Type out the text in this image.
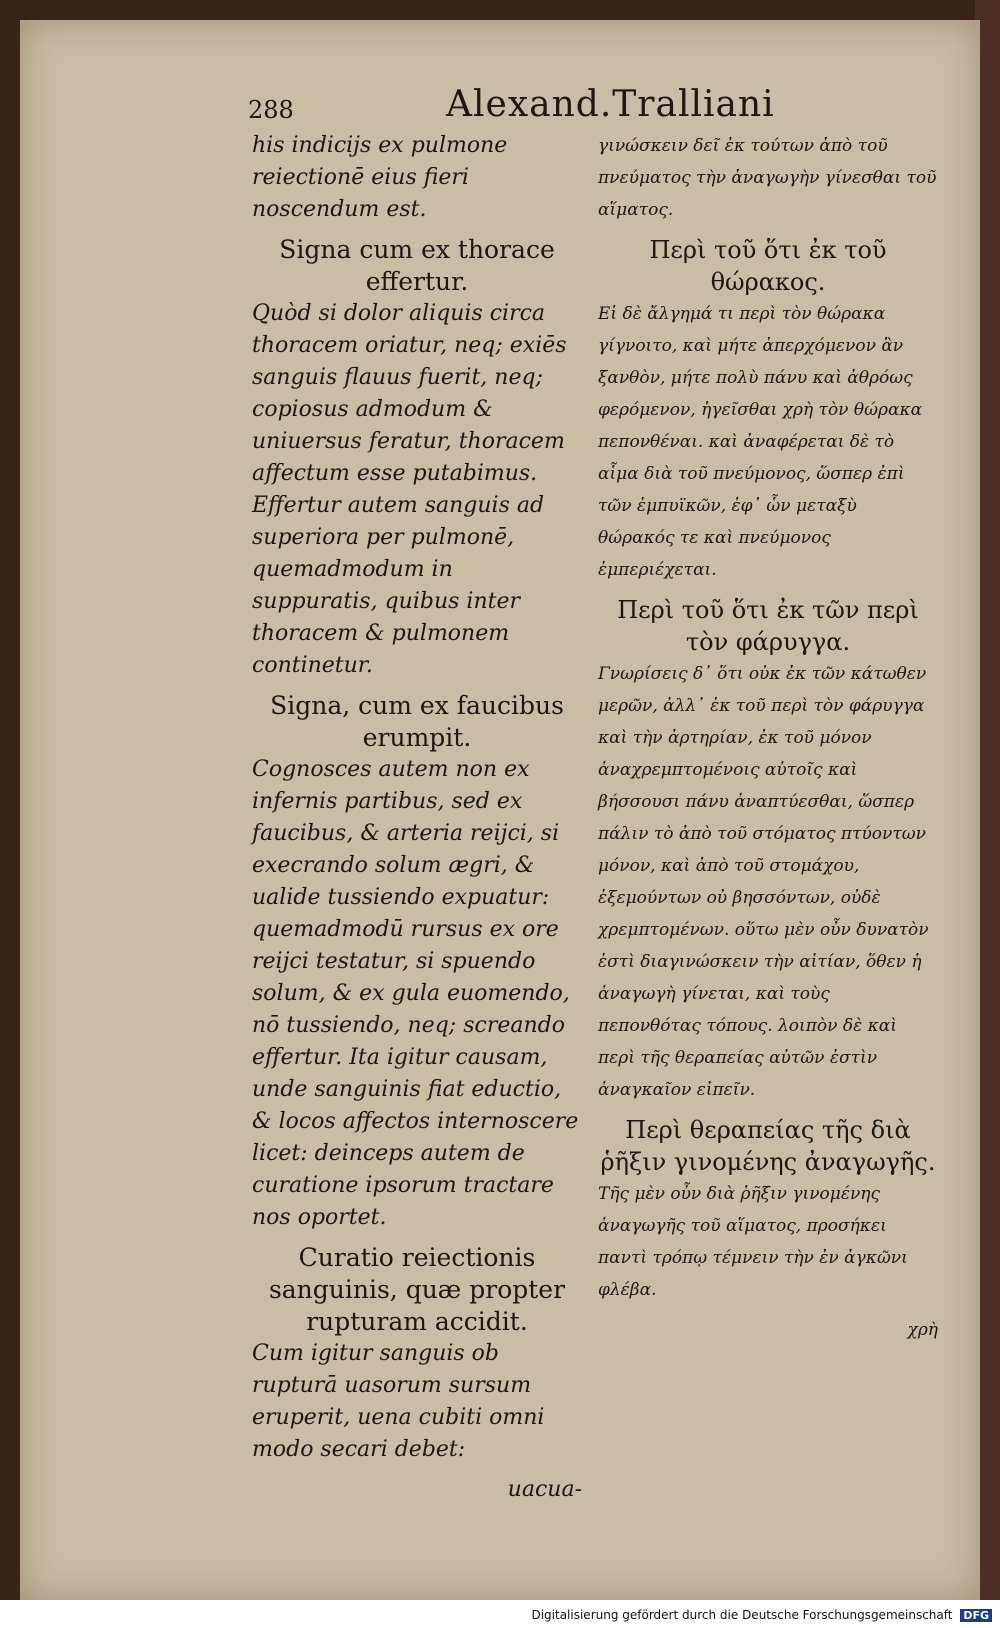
288	Alexand.Tralliani

his indicijs ex pulmone reiectionē eius fieri noscendum est.

Signa cum ex thorace effertur.

Quòd si dolor aliquis circa thoracem oriatur, neq; exiēs sanguis flauus fuerit, neq; copiosus admodum & uniuersus feratur, thoracem affectum esse putabimus. Effertur autem sanguis ad superiora per pulmonē, quemadmodum in suppuratis, quibus inter thoracem & pulmonem continetur.

Signa, cum ex faucibus erumpit.

Cognosces autem non ex infernis partibus, sed ex faucibus, & arteria reijci, si execrando solum ægri, & ualide tussiendo expuatur: quemadmodū rursus ex ore reijci testatur, si spuendo solum, & ex gula euomendo, nō tussiendo, neq; screando effertur. Ita igitur causam, unde sanguinis fiat eductio, & locos affectos internoscere licet: deinceps autem de curatione ipsorum tractare nos oportet.

Curatio reiectionis sanguinis, quæ propter rupturam accidit.

Cum igitur sanguis ob rupturā uasorum sursum eruperit, uena cubiti omni modo secari debet:

uacua-

γινώσκειν δεῖ ἐκ τούτων ἀπὸ τοῦ πνεύματος τὴν ἀναγωγὴν γίνεσθαι τοῦ αἵματος.

Περὶ τοῦ ὅτι ἐκ τοῦ θώρακος.

Εἰ δὲ ἄλγημά τι περὶ τὸν θώρακα γίγνοιτο, καὶ μήτε ἀπερχόμενον ἂν ξανθὸν, μήτε πολὺ πάνυ καὶ ἀθρόως φερόμενον, ἡγεῖσθαι χρὴ τὸν θώρακα πεπονθέναι. καὶ ἀναφέρεται δὲ τὸ αἷμα διὰ τοῦ πνεύμονος, ὥσπερ ἐπὶ τῶν ἐμπυϊκῶν, ἐφ᾽ ὧν μεταξὺ θώρακός τε καὶ πνεύμονος ἐμπεριέχεται.

Περὶ τοῦ ὅτι ἐκ τῶν περὶ τὸν φάρυγγα.

Γνωρίσεις δ᾽ ὅτι οὐκ ἐκ τῶν κάτωθεν μερῶν, ἀλλ᾽ ἐκ τοῦ περὶ τὸν φάρυγγα καὶ τὴν ἀρτηρίαν, ἐκ τοῦ μόνον ἀναχρεμπτομένοις αὐτοῖς καὶ βήσσουσι πάνυ ἀναπτύεσθαι, ὥσπερ πάλιν τὸ ἀπὸ τοῦ στόματος πτύοντων μόνον, καὶ ἀπὸ τοῦ στομάχου, ἐξεμούντων οὐ βησσόντων, οὐδὲ χρεμπτομένων. οὕτω μὲν οὖν δυνατὸν ἐστὶ διαγινώσκειν τὴν αἰτίαν, ὅθεν ἡ ἀναγωγὴ γίνεται, καὶ τοὺς πεπονθότας τόπους. λοιπὸν δὲ καὶ περὶ τῆς θεραπείας αὐτῶν ἐστὶν ἀναγκαῖον εἰπεῖν.

Περὶ θεραπείας τῆς διὰ ῥῆξιν γινομένης ἀναγωγῆς.

Τῆς μὲν οὖν διὰ ῥῆξιν γινομένης ἀναγωγῆς τοῦ αἵματος, προσήκει παντὶ τρόπῳ τέμνειν τὴν ἐν ἀγκῶνι φλέβα.

χρὴ

Digitalisierung gefördert durch die Deutsche Forschungsgemeinschaft DFG
